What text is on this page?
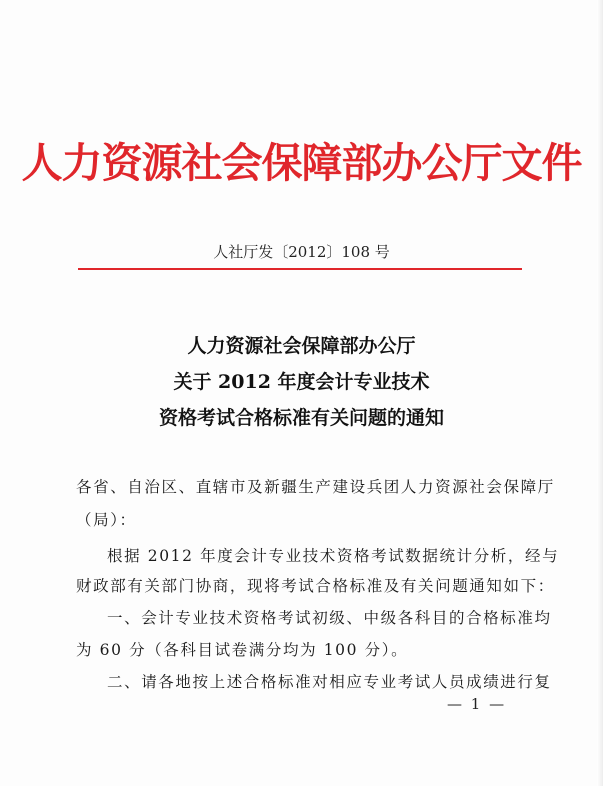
人力资源社会保障部办公厅文件
人社厅发〔2012〕108 号
人力资源社会保障部办公厅
关于 2012 年度会计专业技术
资格考试合格标准有关问题的通知
各省、自治区、直辖市及新疆生产建设兵团人力资源社会保障厅
（局）：
根据 2012 年度会计专业技术资格考试数据统计分析，经与
财政部有关部门协商，现将考试合格标准及有关问题通知如下：
一、会计专业技术资格考试初级、中级各科目的合格标准均
为 60 分（各科目试卷满分均为 100 分）。
二、请各地按上述合格标准对相应专业考试人员成绩进行复
— 1 —
